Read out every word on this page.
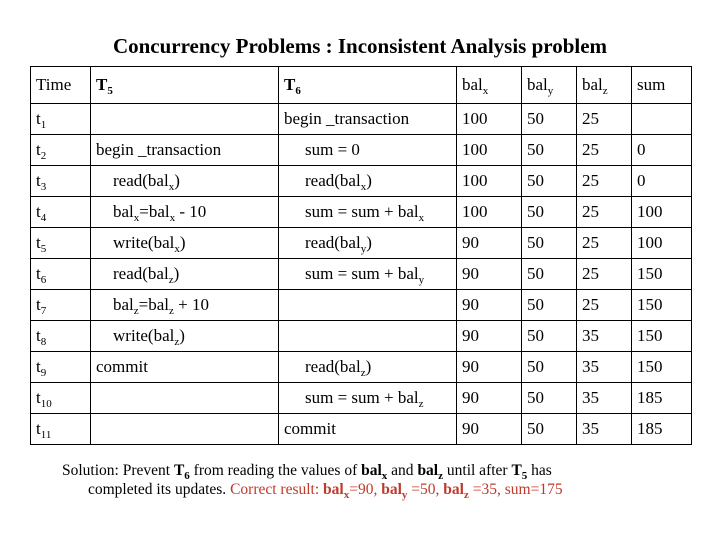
Concurrency Problems : Inconsistent Analysis problem
Time	$T_5$	$T_6$	bal$_x$	bal$_y$	bal$_z$	sum
$t_1$		begin _transaction	100	50	25	
$t_2$	begin _transaction	sum = 0	100	50	25	0
$t_3$	read(bal$_x$)	read(bal$_x$)	100	50	25	0
$t_4$	bal$_x$=bal$_x$ - 10	sum = sum + bal$_x$	100	50	25	100
$t_5$	write(bal$_x$)	read(bal$_y$)	90	50	25	100
$t_6$	read(bal$_z$)	sum = sum + bal$_y$	90	50	25	150
$t_7$	bal$_z$=bal$_z$ + 10		90	50	25	150
$t_8$	write(bal$_z$)		90	50	35	150
$t_9$	commit	read(bal$_z$)	90	50	35	150
$t_{10}$		sum = sum + bal$_z$	90	50	35	185
$t_{11}$		commit	90	50	35	185
Solution: Prevent $T_6$ from reading the values of bal$_x$ and bal$_z$ until after $T_5$ has
completed its updates. Correct result: bal$_x$=90, bal$_y$ =50, bal$_z$ =35, sum=175
